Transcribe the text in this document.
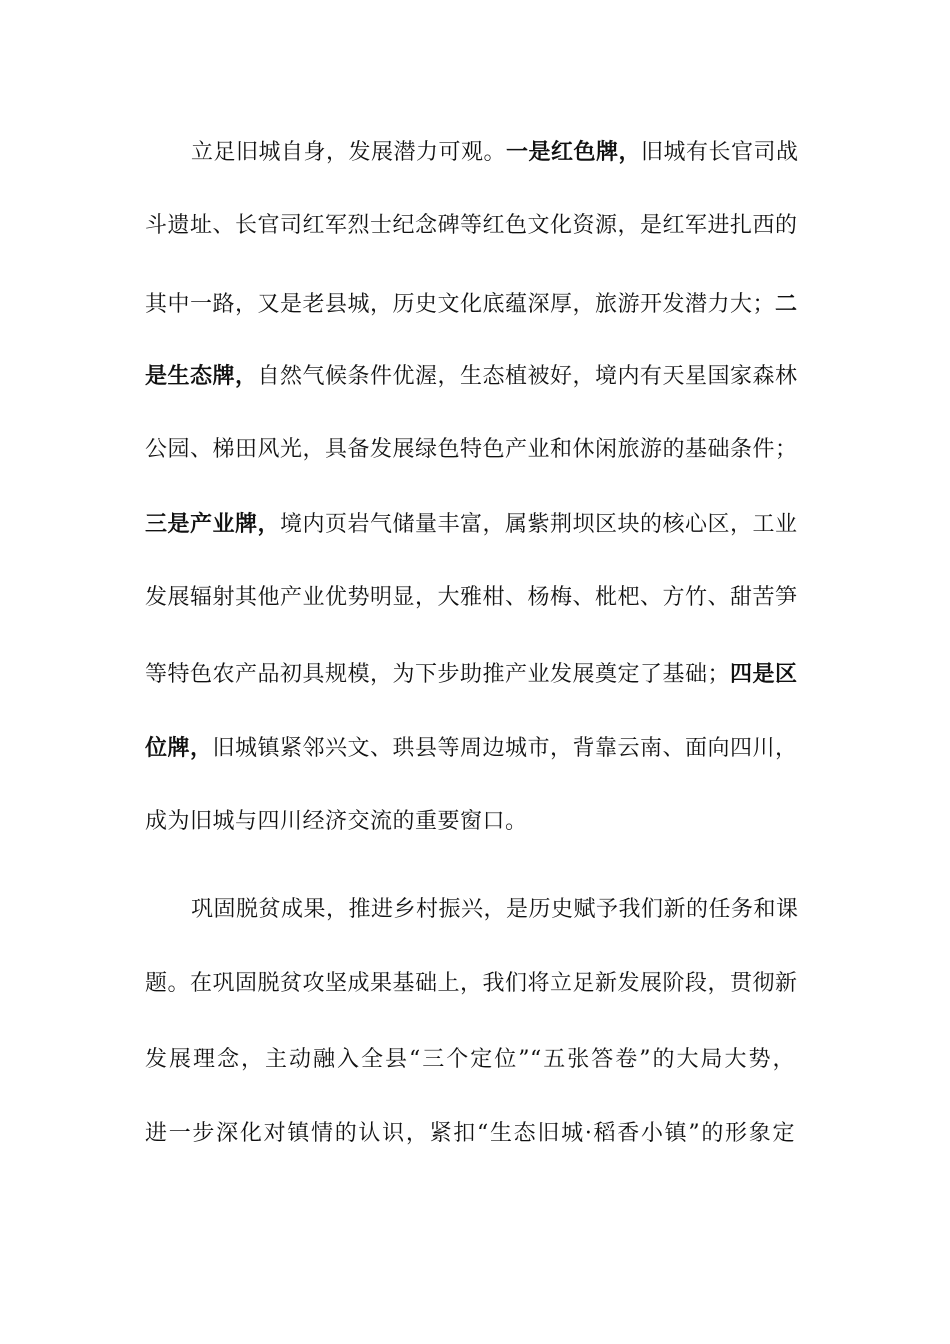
立足旧城自身，发展潜力可观。一是红色牌，旧城有长官司战
斗遗址、长官司红军烈士纪念碑等红色文化资源，是红军进扎西的
其中一路，又是老县城，历史文化底蕴深厚，旅游开发潜力大；二
是生态牌，自然气候条件优渥，生态植被好，境内有天星国家森林
公园、梯田风光，具备发展绿色特色产业和休闲旅游的基础条件；
三是产业牌，境内页岩气储量丰富，属紫荆坝区块的核心区，工业
发展辐射其他产业优势明显，大雅柑、杨梅、枇杷、方竹、甜苦笋
等特色农产品初具规模，为下步助推产业发展奠定了基础；四是区
位牌，旧城镇紧邻兴文、珙县等周边城市，背靠云南、面向四川，
成为旧城与四川经济交流的重要窗口。
巩固脱贫成果，推进乡村振兴，是历史赋予我们新的任务和课
题。在巩固脱贫攻坚成果基础上，我们将立足新发展阶段，贯彻新
发展理念，主动融入全县“三个定位”“五张答卷”的大局大势，
进一步深化对镇情的认识，紧扣“生态旧城·稻香小镇”的形象定
